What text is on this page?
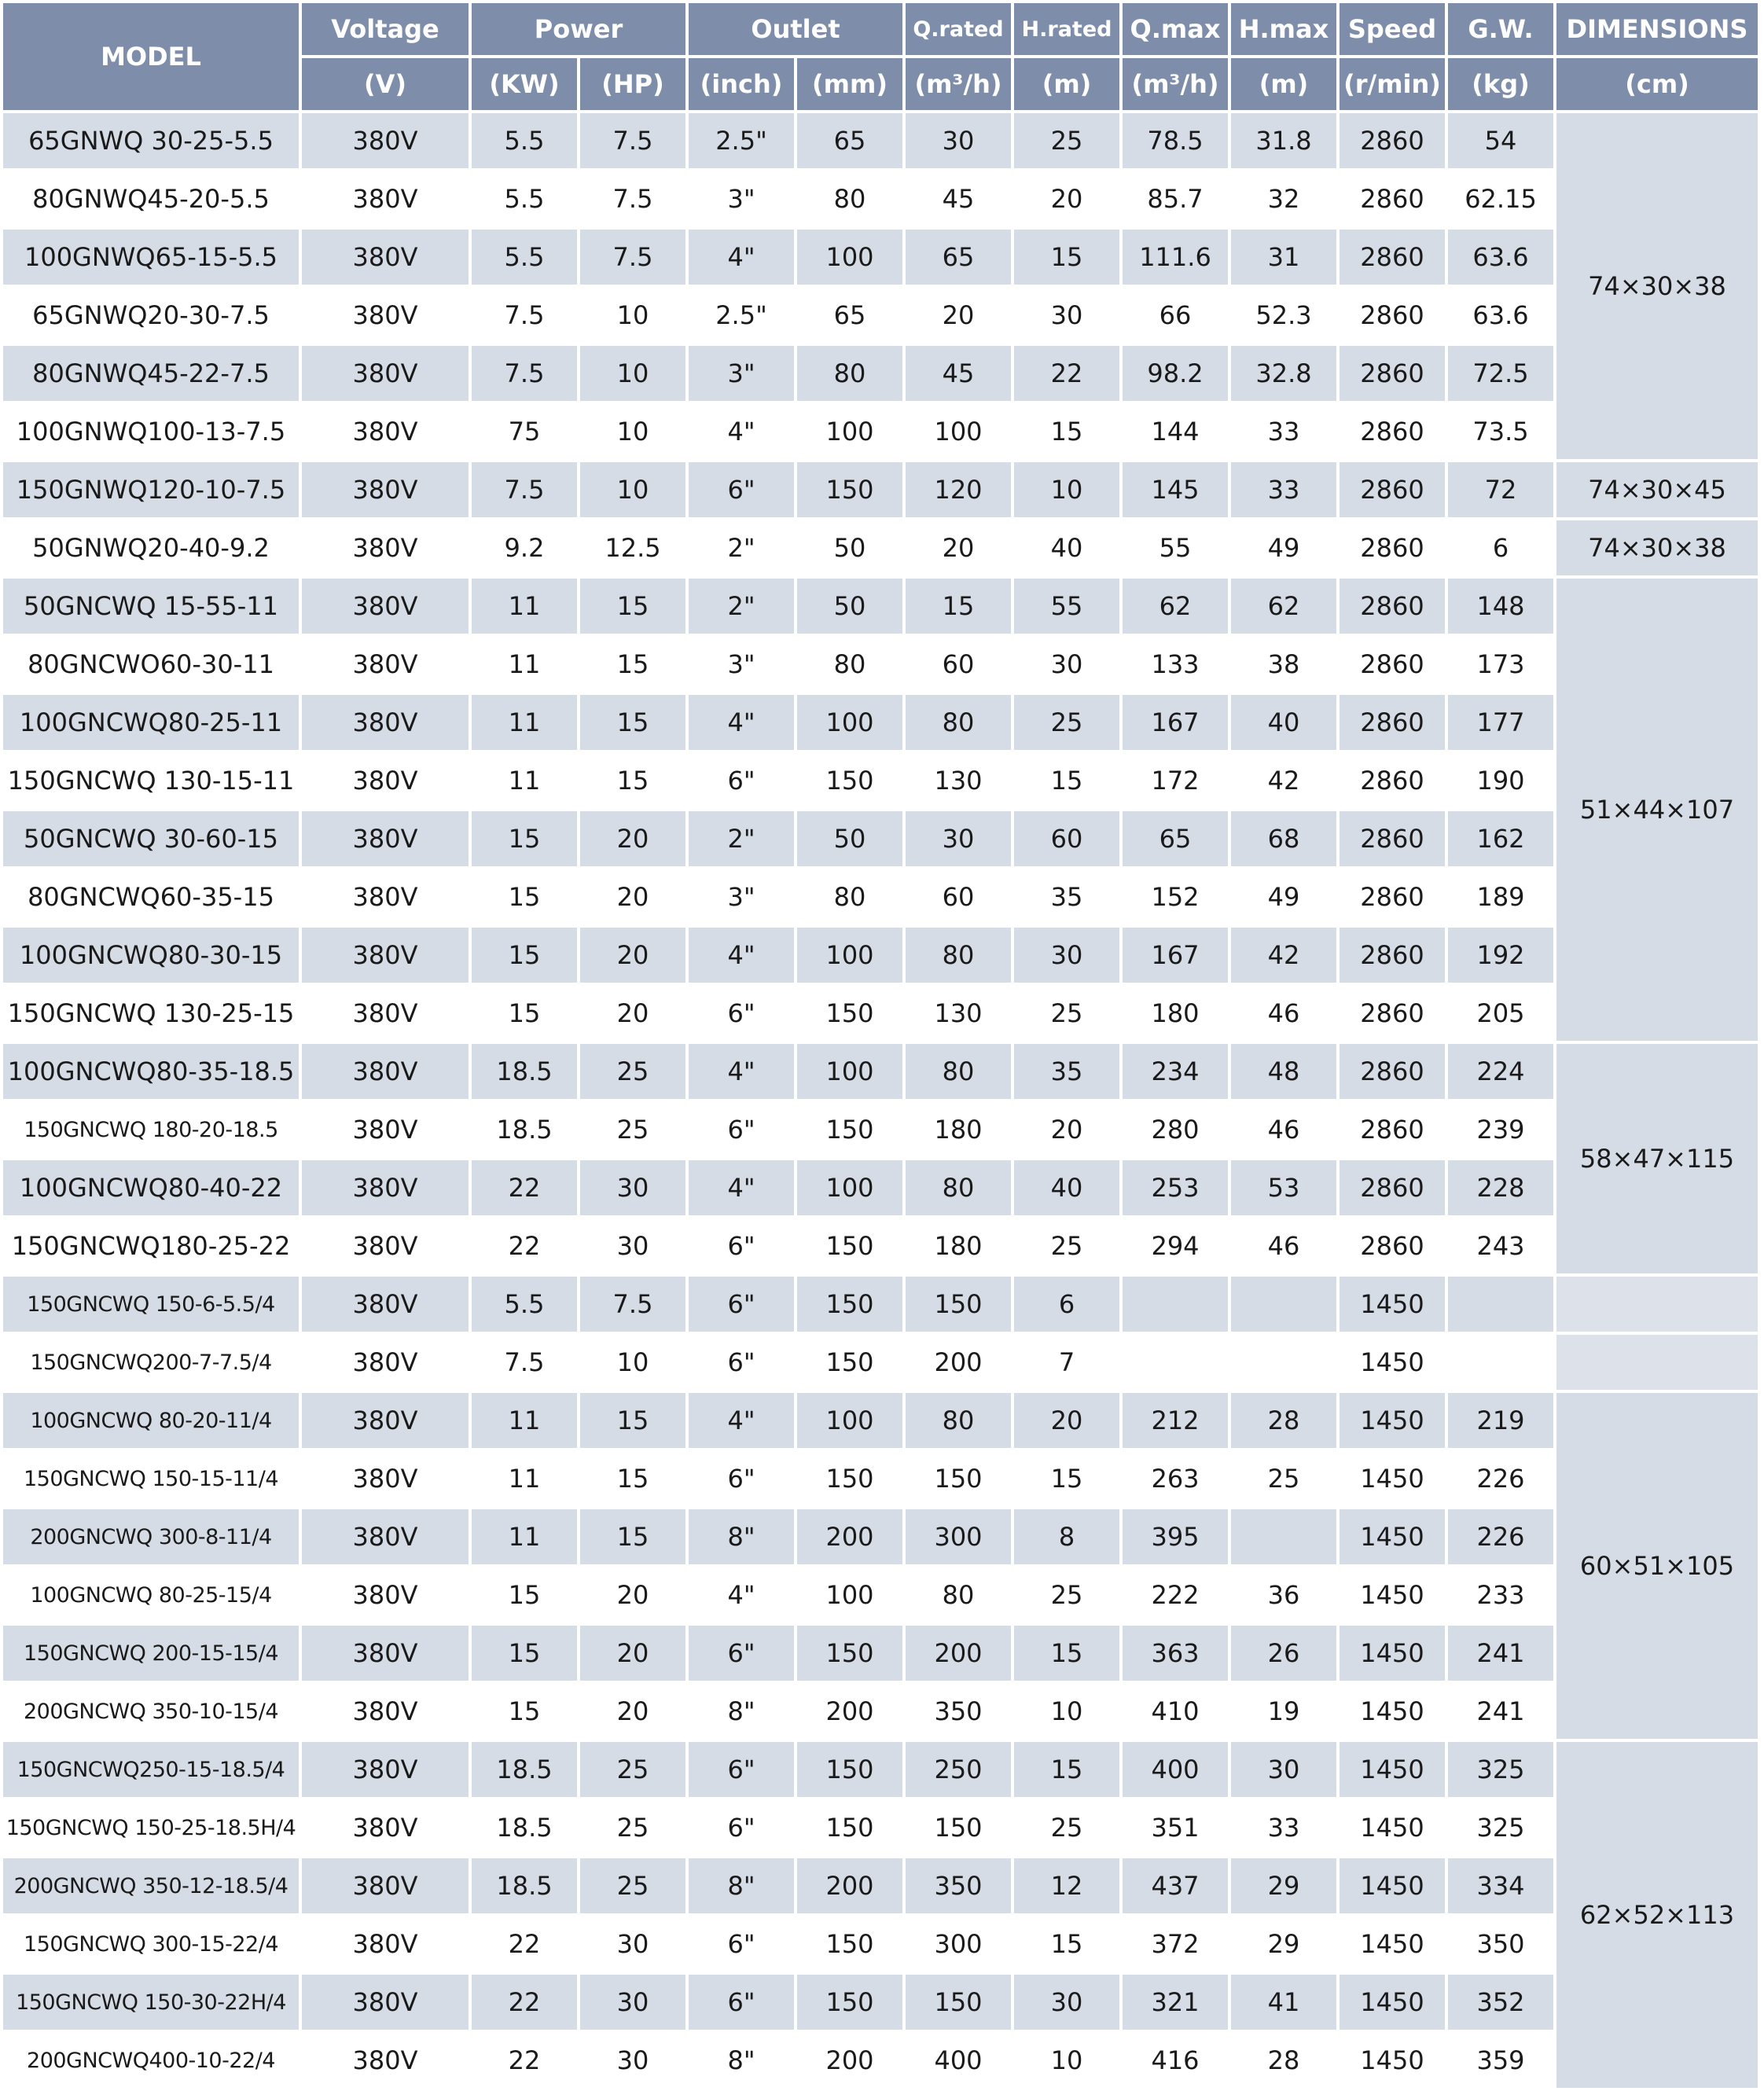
MODEL	Voltage	Power		Outlet		Q.rated	H.rated	Q.max	H.max	Speed	G.W.	DIMENSIONS
	(V)	(KW)	(HP)	(inch)	(mm)	(m³/h)	(m)	(m³/h)	(m)	(r/min)	(kg)	(cm)
65GNWQ 30-25-5.5	380V	5.5	7.5	2.5"	65	30	25	78.5	31.8	2860	54	74×30×38
80GNWQ45-20-5.5	380V	5.5	7.5	3"	80	45	20	85.7	32	2860	62.15	
100GNWQ65-15-5.5	380V	5.5	7.5	4"	100	65	15	111.6	31	2860	63.6	
65GNWQ20-30-7.5	380V	7.5	10	2.5"	65	20	30	66	52.3	2860	63.6	
80GNWQ45-22-7.5	380V	7.5	10	3"	80	45	22	98.2	32.8	2860	72.5	
100GNWQ100-13-7.5	380V	75	10	4"	100	100	15	144	33	2860	73.5	
150GNWQ120-10-7.5	380V	7.5	10	6"	150	120	10	145	33	2860	72	74×30×45
50GNWQ20-40-9.2	380V	9.2	12.5	2"	50	20	40	55	49	2860	6	74×30×38
50GNCWQ 15-55-11	380V	11	15	2"	50	15	55	62	62	2860	148	51×44×107
80GNCWO60-30-11	380V	11	15	3"	80	60	30	133	38	2860	173	
100GNCWQ80-25-11	380V	11	15	4"	100	80	25	167	40	2860	177	
150GNCWQ 130-15-11	380V	11	15	6"	150	130	15	172	42	2860	190	
50GNCWQ 30-60-15	380V	15	20	2"	50	30	60	65	68	2860	162	
80GNCWQ60-35-15	380V	15	20	3"	80	60	35	152	49	2860	189	
100GNCWQ80-30-15	380V	15	20	4"	100	80	30	167	42	2860	192	
150GNCWQ 130-25-15	380V	15	20	6"	150	130	25	180	46	2860	205	
100GNCWQ80-35-18.5	380V	18.5	25	4"	100	80	35	234	48	2860	224	58×47×115
150GNCWQ 180-20-18.5	380V	18.5	25	6"	150	180	20	280	46	2860	239	
100GNCWQ80-40-22	380V	22	30	4"	100	80	40	253	53	2860	228	
150GNCWQ180-25-22	380V	22	30	6"	150	180	25	294	46	2860	243	
150GNCWQ 150-6-5.5/4	380V	5.5	7.5	6"	150	150	6			1450		
150GNCWQ200-7-7.5/4	380V	7.5	10	6"	150	200	7			1450		
100GNCWQ 80-20-11/4	380V	11	15	4"	100	80	20	212	28	1450	219	60×51×105
150GNCWQ 150-15-11/4	380V	11	15	6"	150	150	15	263	25	1450	226	
200GNCWQ 300-8-11/4	380V	11	15	8"	200	300	8	395		1450	226	
100GNCWQ 80-25-15/4	380V	15	20	4"	100	80	25	222	36	1450	233	
150GNCWQ 200-15-15/4	380V	15	20	6"	150	200	15	363	26	1450	241	
200GNCWQ 350-10-15/4	380V	15	20	8"	200	350	10	410	19	1450	241	
150GNCWQ250-15-18.5/4	380V	18.5	25	6"	150	250	15	400	30	1450	325	62×52×113
150GNCWQ 150-25-18.5H/4	380V	18.5	25	6"	150	150	25	351	33	1450	325	
200GNCWQ 350-12-18.5/4	380V	18.5	25	8"	200	350	12	437	29	1450	334	
150GNCWQ 300-15-22/4	380V	22	30	6"	150	300	15	372	29	1450	350	
150GNCWQ 150-30-22H/4	380V	22	30	6"	150	150	30	321	41	1450	352	
200GNCWQ400-10-22/4	380V	22	30	8"	200	400	10	416	28	1450	359	
